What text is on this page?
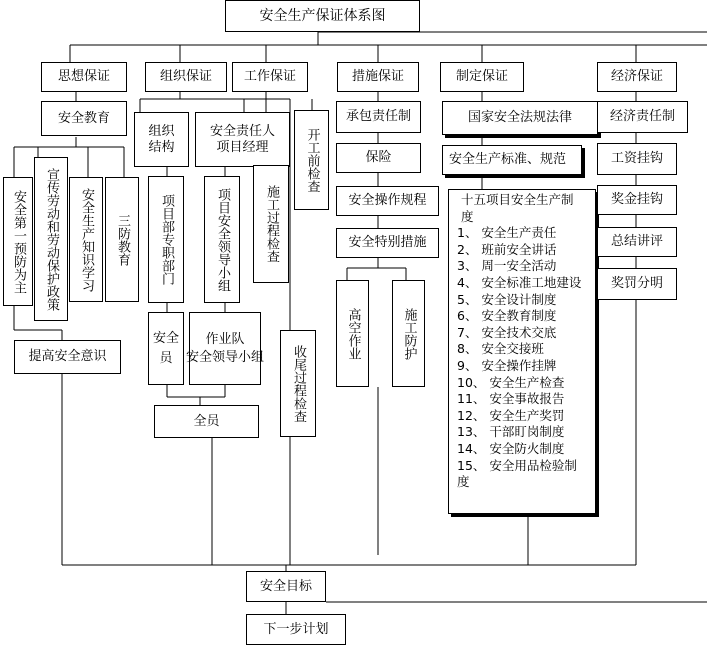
安全生产保证体系图
思想保证	组织保证	工作保证	措施保证	制定保证	经济保证
安全教育
安全第一预防为主	宣传劳动和劳动保护政策	安全生产知识学习	三防教育
提高安全意识
组织
结构
安全责任人
项目经理
项目部专职部门	项目安全领导小组
安全员
作业队
安全领导小组
全员
开工前检查
施工过程检查
收尾过程检查
承包责任制
保险
安全操作规程
安全特别措施
高空作业	施工防护
国家安全法规法律
安全生产标准、规范
十五项目安全生产制度
1、 安全生产责任
2、 班前安全讲话
3、 周一安全活动
4、 安全标准工地建设
5、 安全设计制度
6、 安全教育制度
7、 安全技术交底
8、 安全交接班
9、 安全操作挂牌
10、 安全生产检查
11、 安全事故报告
12、 安全生产奖罚
13、 干部盯岗制度
14、 安全防火制度
15、 安全用品检验制度
经济责任制
工资挂钩
奖金挂钩
总结讲评
奖罚分明
安全目标
下一步计划
